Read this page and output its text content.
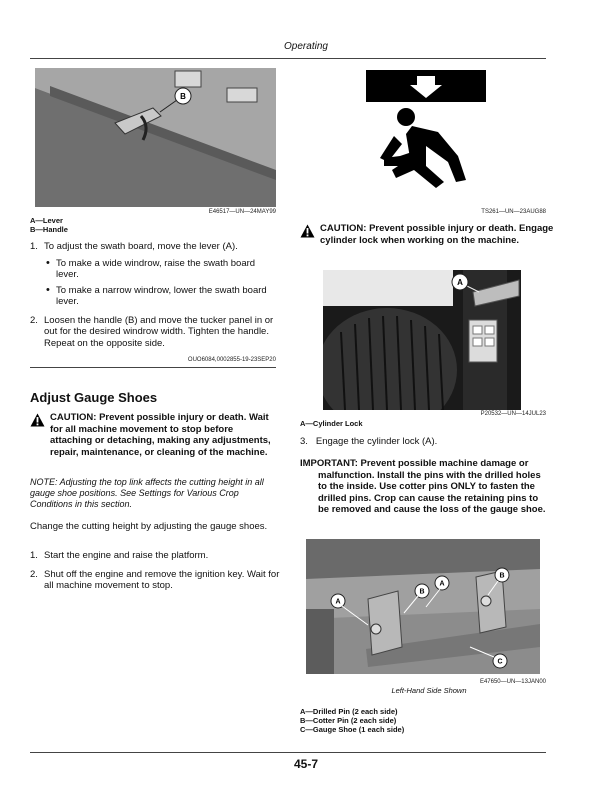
Operating
B
E46517—UN—24MAY99
A—Lever
B—Handle
1. To adjust the swath board, move the lever (A).
• To make a wide windrow, raise the swath board lever.
• To make a narrow windrow, lower the swath board lever.
2. Loosen the handle (B) and move the tucker panel in or out for the desired windrow width. Tighten the handle. Repeat on the opposite side.
OUO6084,0002855-19-23SEP20
Adjust Gauge Shoes
CAUTION: Prevent possible injury or death. Wait for all machine movement to stop before attaching or detaching, making any adjustments, repair, maintenance, or cleaning of the machine.
NOTE: Adjusting the top link affects the cutting height in all gauge shoe positions. See Settings for Various Crop Conditions in this section.
Change the cutting height by adjusting the gauge shoes.
1. Start the engine and raise the platform.
2. Shut off the engine and remove the ignition key. Wait for all machine movement to stop.
TS261—UN—23AUG88
CAUTION: Prevent possible injury or death. Engage cylinder lock when working on the machine.
A
P20532—UN—14JUL23
A—Cylinder Lock
3. Engage the cylinder lock (A).
IMPORTANT: Prevent possible machine damage or
malfunction. Install the pins with the drilled holes to the inside. Use cotter pins ONLY to fasten the drilled pins. Crop can cause the retaining pins to be removed and cause the loss of the gauge shoe.
A
B
A
B
C
E47650—UN—13JAN00
Left-Hand Side Shown
A—Drilled Pin (2 each side)
B—Cotter Pin (2 each side)
C—Gauge Shoe (1 each side)
45-7
